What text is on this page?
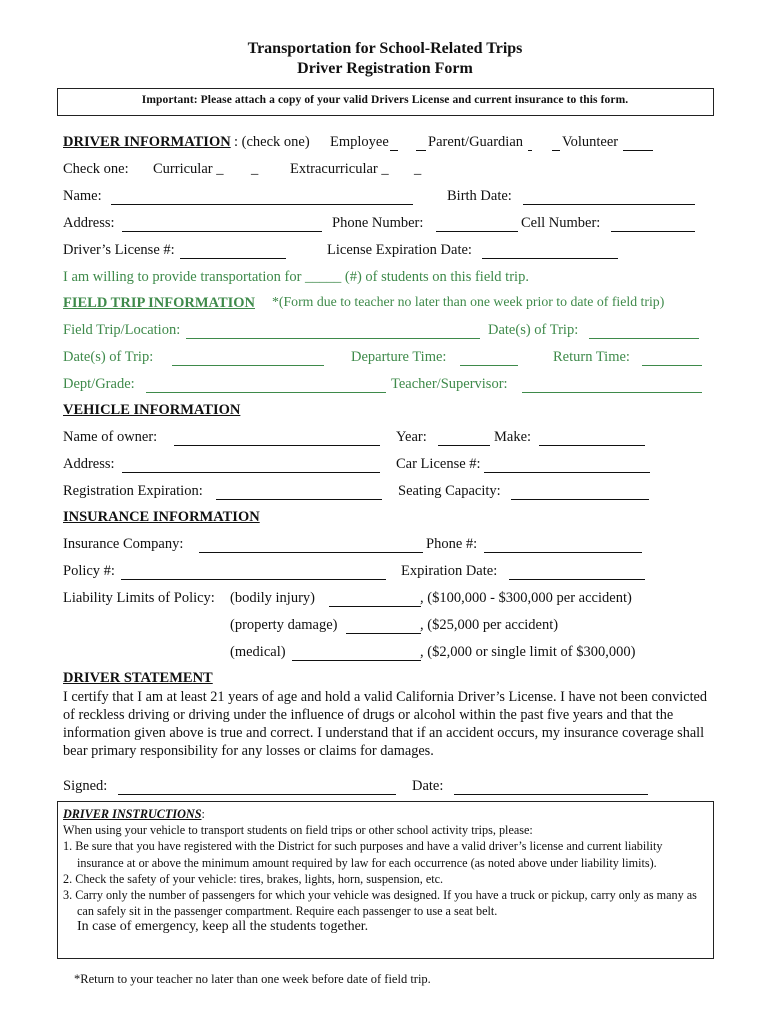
Transportation for School-Related Trips
Driver Registration Form
Important: Please attach a copy of your valid Drivers License and current insurance to this form.
DRIVER INFORMATION : (check one) Employee	Parent/Guardian	Volunteer
Check one: Curricular _ _ Extracurricular _ _
Name:	Birth Date:
Address:	Phone Number:	Cell Number:
Driver’s License #:	License Expiration Date:
I am willing to provide transportation for _____ (#) of students on this field trip.
FIELD TRIP INFORMATION *(Form due to teacher no later than one week prior to date of field trip)
Field Trip/Location:	Date(s) of Trip:
Date(s) of Trip:	Departure Time:	Return Time:
Dept/Grade:	Teacher/Supervisor:
VEHICLE INFORMATION
Name of owner:	Year:	Make:
Address:	Car License #:
Registration Expiration:	Seating Capacity:
INSURANCE INFORMATION
Insurance Company:	Phone #:
Policy #:	Expiration Date:
Liability Limits of Policy: (bodily injury)	, ($100,000 - $300,000 per accident)
(property damage)	, ($25,000 per accident)
(medical)	, ($2,000 or single limit of $300,000)
DRIVER STATEMENT
I certify that I am at least 21 years of age and hold a valid California Driver’s License. I have not been convicted of reckless driving or driving under the influence of drugs or alcohol within the past five years and that the information given above is true and correct. I understand that if an accident occurs, my insurance coverage shall bear primary responsibility for any losses or claims for damages.
Signed:	Date:
DRIVER INSTRUCTIONS:
When using your vehicle to transport students on field trips or other school activity trips, please:
1. Be sure that you have registered with the District for such purposes and have a valid driver’s license and current liability insurance at or above the minimum amount required by law for each occurrence (as noted above under liability limits).
2. Check the safety of your vehicle: tires, brakes, lights, horn, suspension, etc.
3. Carry only the number of passengers for which your vehicle was designed. If you have a truck or pickup, carry only as many as can safely sit in the passenger compartment. Require each passenger to use a seat belt.
In case of emergency, keep all the students together.
*Return to your teacher no later than one week before date of field trip.
